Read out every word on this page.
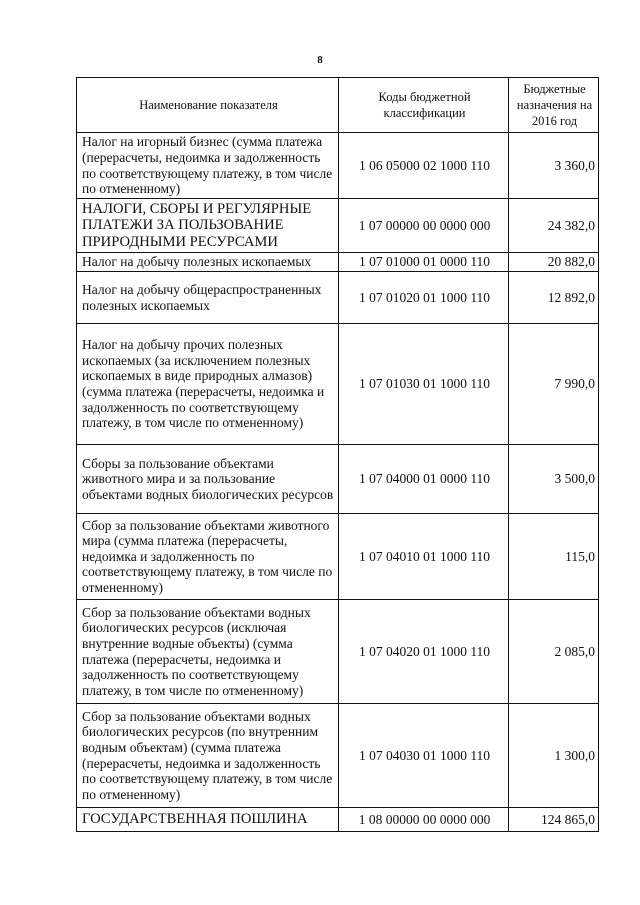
8
Наименование показателя	Коды бюджетной классификации	Бюджетные назначения на 2016 год
Налог на игорный бизнес (сумма платежа (перерасчеты, недоимка и задолженность по соответствующему платежу, в том числе по отмененному)	1 06 05000 02 1000 110	3 360,0
НАЛОГИ, СБОРЫ И РЕГУЛЯРНЫЕ ПЛАТЕЖИ ЗА ПОЛЬЗОВАНИЕ ПРИРОДНЫМИ РЕСУРСАМИ	1 07 00000 00 0000 000	24 382,0
Налог на добычу полезных ископаемых	1 07 01000 01 0000 110	20 882,0
Налог на добычу общераспространенных полезных ископаемых	1 07 01020 01 1000 110	12 892,0
Налог на добычу прочих полезных ископаемых (за исключением полезных ископаемых в виде природных алмазов) (сумма платежа (перерасчеты, недоимка и задолженность по соответствующему платежу, в том числе по отмененному)	1 07 01030 01 1000 110	7 990,0
Сборы за пользование объектами животного мира и за пользование объектами водных биологических ресурсов	1 07 04000 01 0000 110	3 500,0
Сбор за пользование объектами животного мира (сумма платежа (перерасчеты, недоимка и задолженность по соответствующему платежу, в том числе по отмененному)	1 07 04010 01 1000 110	115,0
Сбор за пользование объектами водных биологических ресурсов (исключая внутренние водные объекты) (сумма платежа (перерасчеты, недоимка и задолженность по соответствующему платежу, в том числе по отмененному)	1 07 04020 01 1000 110	2 085,0
Сбор за пользование объектами водных биологических ресурсов (по внутренним водным объектам) (сумма платежа (перерасчеты, недоимка и задолженность по соответствующему платежу, в том числе по отмененному)	1 07 04030 01 1000 110	1 300,0
ГОСУДАРСТВЕННАЯ ПОШЛИНА	1 08 00000 00 0000 000	124 865,0
